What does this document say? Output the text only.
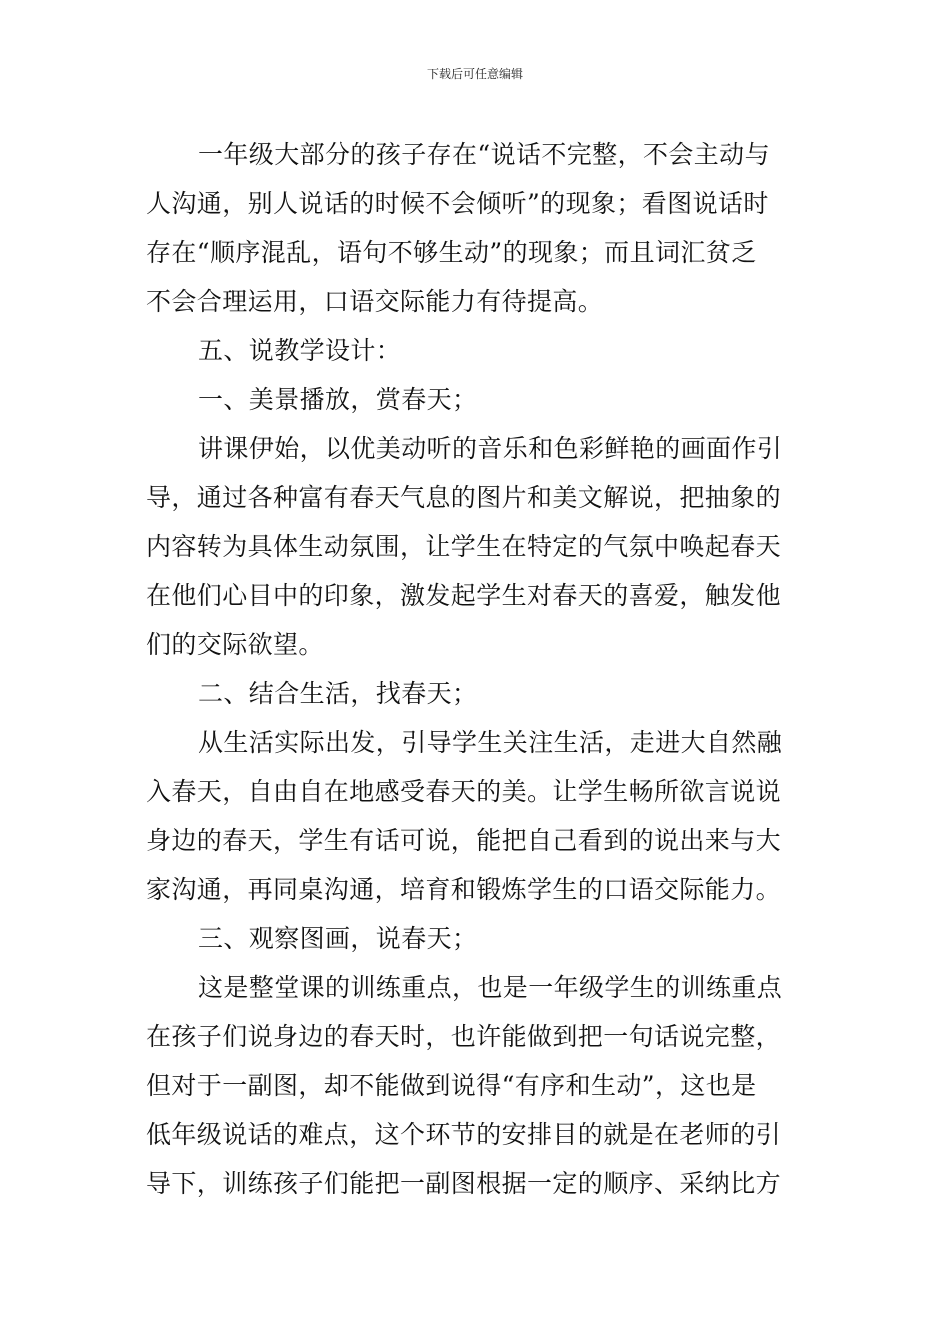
下载后可任意编辑
一年级大部分的孩子存在“说话不完整，不会主动与
人沟通，别人说话的时候不会倾听”的现象；看图说话时
存在“顺序混乱，语句不够生动”的现象；而且词汇贫乏
不会合理运用，口语交际能力有待提高。
五、说教学设计：
一、美景播放，赏春天；
讲课伊始，以优美动听的音乐和色彩鲜艳的画面作引
导，通过各种富有春天气息的图片和美文解说，把抽象的
内容转为具体生动氛围，让学生在特定的气氛中唤起春天
在他们心目中的印象，激发起学生对春天的喜爱，触发他
们的交际欲望。
二、结合生活，找春天；
从生活实际出发，引导学生关注生活，走进大自然融
入春天，自由自在地感受春天的美。让学生畅所欲言说说
身边的春天，学生有话可说，能把自己看到的说出来与大
家沟通，再同桌沟通，培育和锻炼学生的口语交际能力。
三、观察图画，说春天；
这是整堂课的训练重点，也是一年级学生的训练重点
在孩子们说身边的春天时，也许能做到把一句话说完整，
但对于一副图，却不能做到说得“有序和生动”，这也是
低年级说话的难点，这个环节的安排目的就是在老师的引
导下，训练孩子们能把一副图根据一定的顺序、采纳比方
